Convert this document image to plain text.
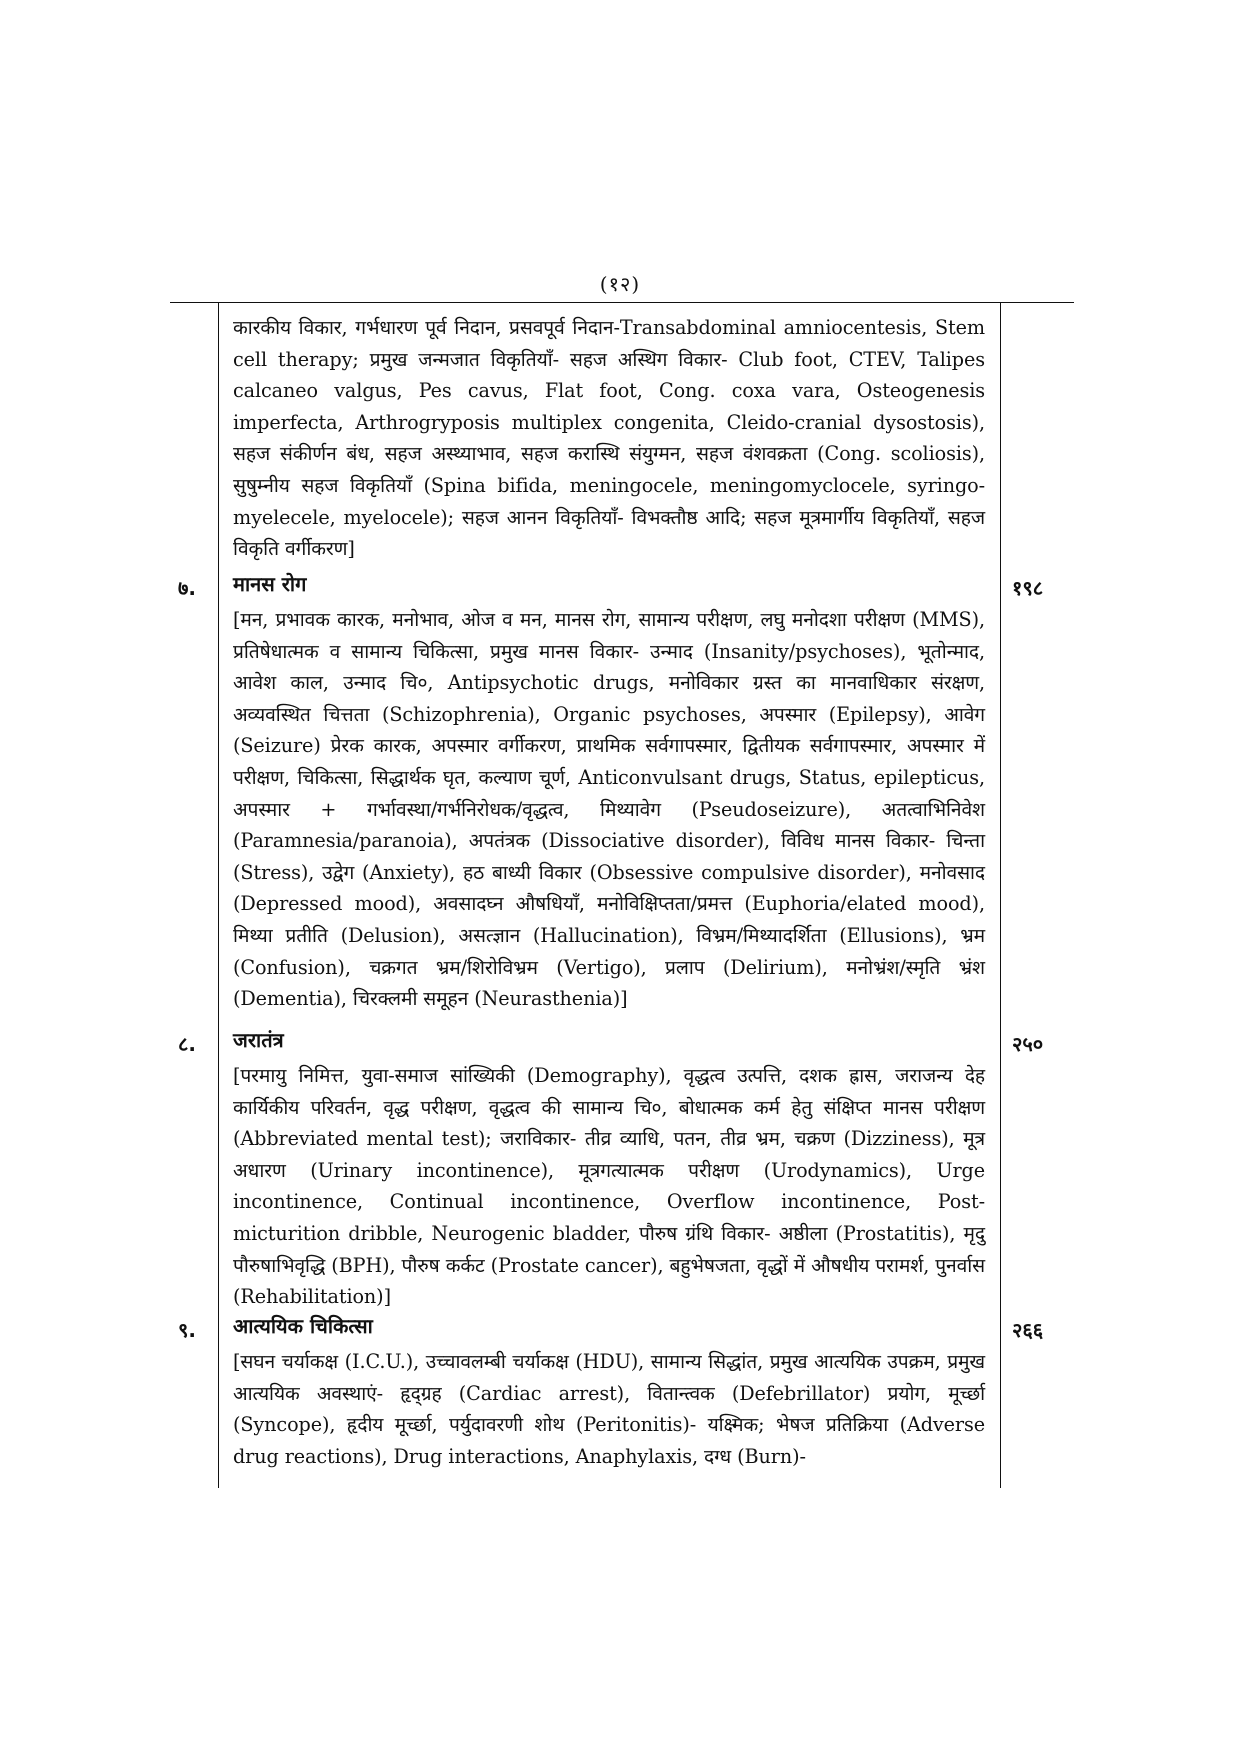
(१२)
कारकीय विकार, गर्भधारण पूर्व निदान, प्रसवपूर्व निदान-Transabdominal amniocentesis, Stem cell therapy; प्रमुख जन्मजात विकृतियाँ- सहज अस्थिग विकार- Club foot, CTEV, Talipes calcaneo valgus, Pes cavus, Flat foot, Cong. coxa vara, Osteogenesis imperfecta, Arthrogryposis multiplex congenita, Cleido-cranial dysostosis), सहज संकीर्णन बंध, सहज अस्थ्याभाव, सहज करास्थि संयुग्मन, सहज वंशवक्रता (Cong. scoliosis), सुषुम्नीय सहज विकृतियाँ (Spina bifida, meningocele, meningomyclocele, syringo-myelecele, myelocele); सहज आनन विकृतियाँ- विभक्तौष्ठ आदि; सहज मूत्रमार्गीय विकृतियाँ, सहज विकृति वर्गीकरण]
७. मानस रोग	१९८
[मन, प्रभावक कारक, मनोभाव, ओज व मन, मानस रोग, सामान्य परीक्षण, लघु मनोदशा परीक्षण (MMS), प्रतिषेधात्मक व सामान्य चिकित्सा, प्रमुख मानस विकार- उन्माद (Insanity/psychoses), भूतोन्माद, आवेश काल, उन्माद चि०, Antipsychotic drugs, मनोविकार ग्रस्त का मानवाधिकार संरक्षण, अव्यवस्थित चित्तता (Schizophrenia), Organic psychoses, अपस्मार (Epilepsy), आवेग (Seizure) प्रेरक कारक, अपस्मार वर्गीकरण, प्राथमिक सर्वगापस्मार, द्वितीयक सर्वगापस्मार, अपस्मार में परीक्षण, चिकित्सा, सिद्धार्थक घृत, कल्याण चूर्ण, Anticonvulsant drugs, Status, epilepticus, अपस्मार + गर्भावस्था/गर्भनिरोधक/वृद्धत्व, मिथ्यावेग (Pseudoseizure), अतत्वाभिनिवेश (Paramnesia/paranoia), अपतंत्रक (Dissociative disorder), विविध मानस विकार- चिन्ता (Stress), उद्वेग (Anxiety), हठ बाध्यी विकार (Obsessive compulsive disorder), मनोवसाद (Depressed mood), अवसादघ्न औषधियाँ, मनोविक्षिप्तता/प्रमत्त (Euphoria/elated mood), मिथ्या प्रतीति (Delusion), असत्ज्ञान (Hallucination), विभ्रम/मिथ्यादर्शिता (Ellusions), भ्रम (Confusion), चक्रगत भ्रम/शिरोविभ्रम (Vertigo), प्रलाप (Delirium), मनोभ्रंश/स्मृति भ्रंश (Dementia), चिरक्लमी समूहन (Neurasthenia)]
८. जरातंत्र	२५०
[परमायु निमित्त, युवा-समाज सांख्यिकी (Demography), वृद्धत्व उत्पत्ति, दशक ह्रास, जराजन्य देह कार्यिकीय परिवर्तन, वृद्ध परीक्षण, वृद्धत्व की सामान्य चि०, बोधात्मक कर्म हेतु संक्षिप्त मानस परीक्षण (Abbreviated mental test); जराविकार- तीव्र व्याधि, पतन, तीव्र भ्रम, चक्रण (Dizziness), मूत्र अधारण (Urinary incontinence), मूत्रगत्यात्मक परीक्षण (Urodynamics), Urge incontinence, Continual incontinence, Overflow incontinence, Post-micturition dribble, Neurogenic bladder, पौरुष ग्रंथि विकार- अष्ठीला (Prostatitis), मृदु पौरुषाभिवृद्धि (BPH), पौरुष कर्कट (Prostate cancer), बहुभेषजता, वृद्धों में औषधीय परामर्श, पुनर्वास (Rehabilitation)]
९. आत्ययिक चिकित्सा	२६६
[सघन चर्याकक्ष (I.C.U.), उच्चावलम्बी चर्याकक्ष (HDU), सामान्य सिद्धांत, प्रमुख आत्ययिक उपक्रम, प्रमुख आत्ययिक अवस्थाएं- हृद्ग्रह (Cardiac arrest), वितान्त्वक (Defebrillator) प्रयोग, मूर्च्छा (Syncope), हृदीय मूर्च्छा, पर्युदावरणी शोथ (Peritonitis)- यक्ष्मिक; भेषज प्रतिक्रिया (Adverse drug reactions), Drug interactions, Anaphylaxis, दग्ध (Burn)-
